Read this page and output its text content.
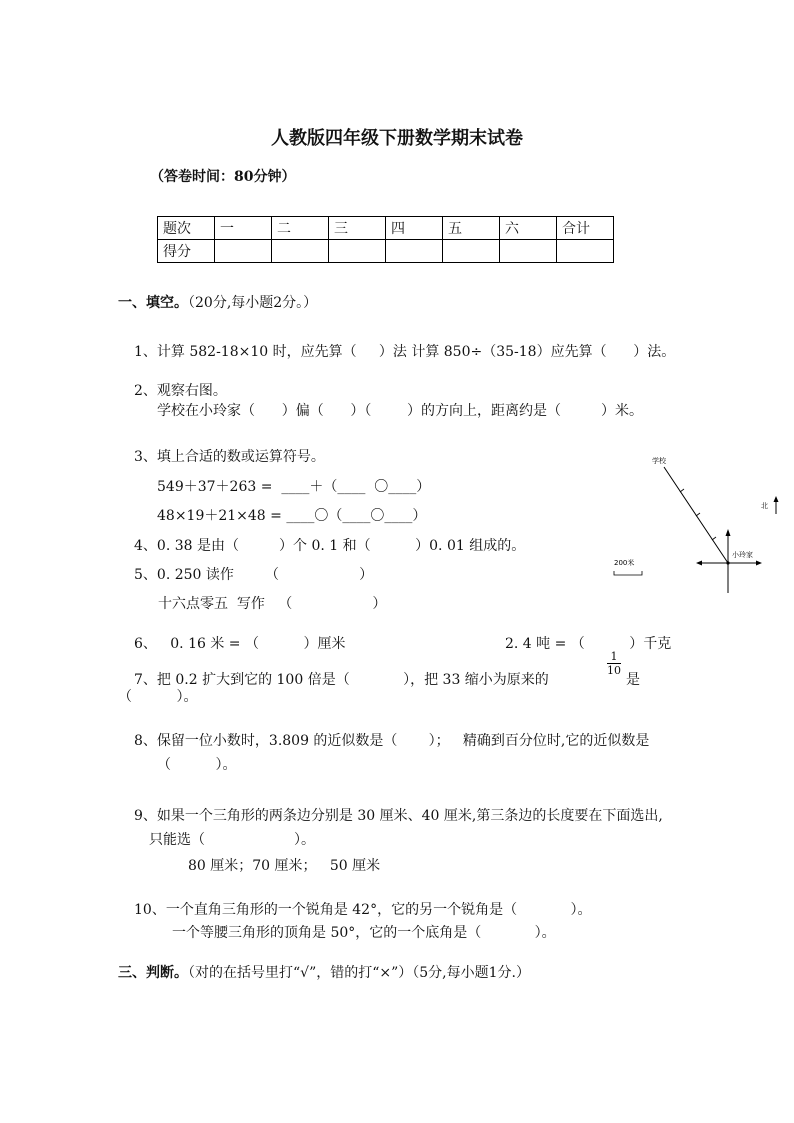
人教版四年级下册数学期末试卷
（答卷时间：80分钟）
题次	一	二	三	四	五	六	合计
得分							
一、填空。（20分,每小题2分。）
1、计算 582-18×10 时，应先算（     ）法 计算 850÷（35-18）应先算（      ）法。
2、观察右图。
学校在小玲家（      ）偏（      ）（        ）的方向上，距离约是（         ）米。
3、填上合适的数或运算符号。
549＋37＋263 =  ____＋（____  〇____）
48×19＋21×48 = ____〇（____〇____）
4、0. 38 是由（         ）个 0. 1 和（          ）0. 01 组成的。
5、0. 250 读作       （                  ）
十六点零五  写作   （                  ）
6、   0. 16 米 = （          ）厘米	2. 4 吨 = （          ）千克
7、把 0.2 扩大到它的 100 倍是（            ），把 33 缩小为原来的
$\frac{1}{10}$
是
（          ）。
8、保留一位小数时，3.809 的近似数是（       ）；   精确到百分位时,它的近似数是
（          ）。
9、如果一个三角形的两条边分别是 30 厘米、40 厘米,第三条边的长度要在下面选出,
只能选（                    ）。
80 厘米；70 厘米；   50 厘米
10、一个直角三角形的一个锐角是 42°，它的另一个锐角是（            ）。
一个等腰三角形的顶角是 50°，它的一个底角是（            ）。
三、判断。（对的在括号里打“√”，错的打“×”）（5分,每小题1分.）
学校
小玲家
200米
北
